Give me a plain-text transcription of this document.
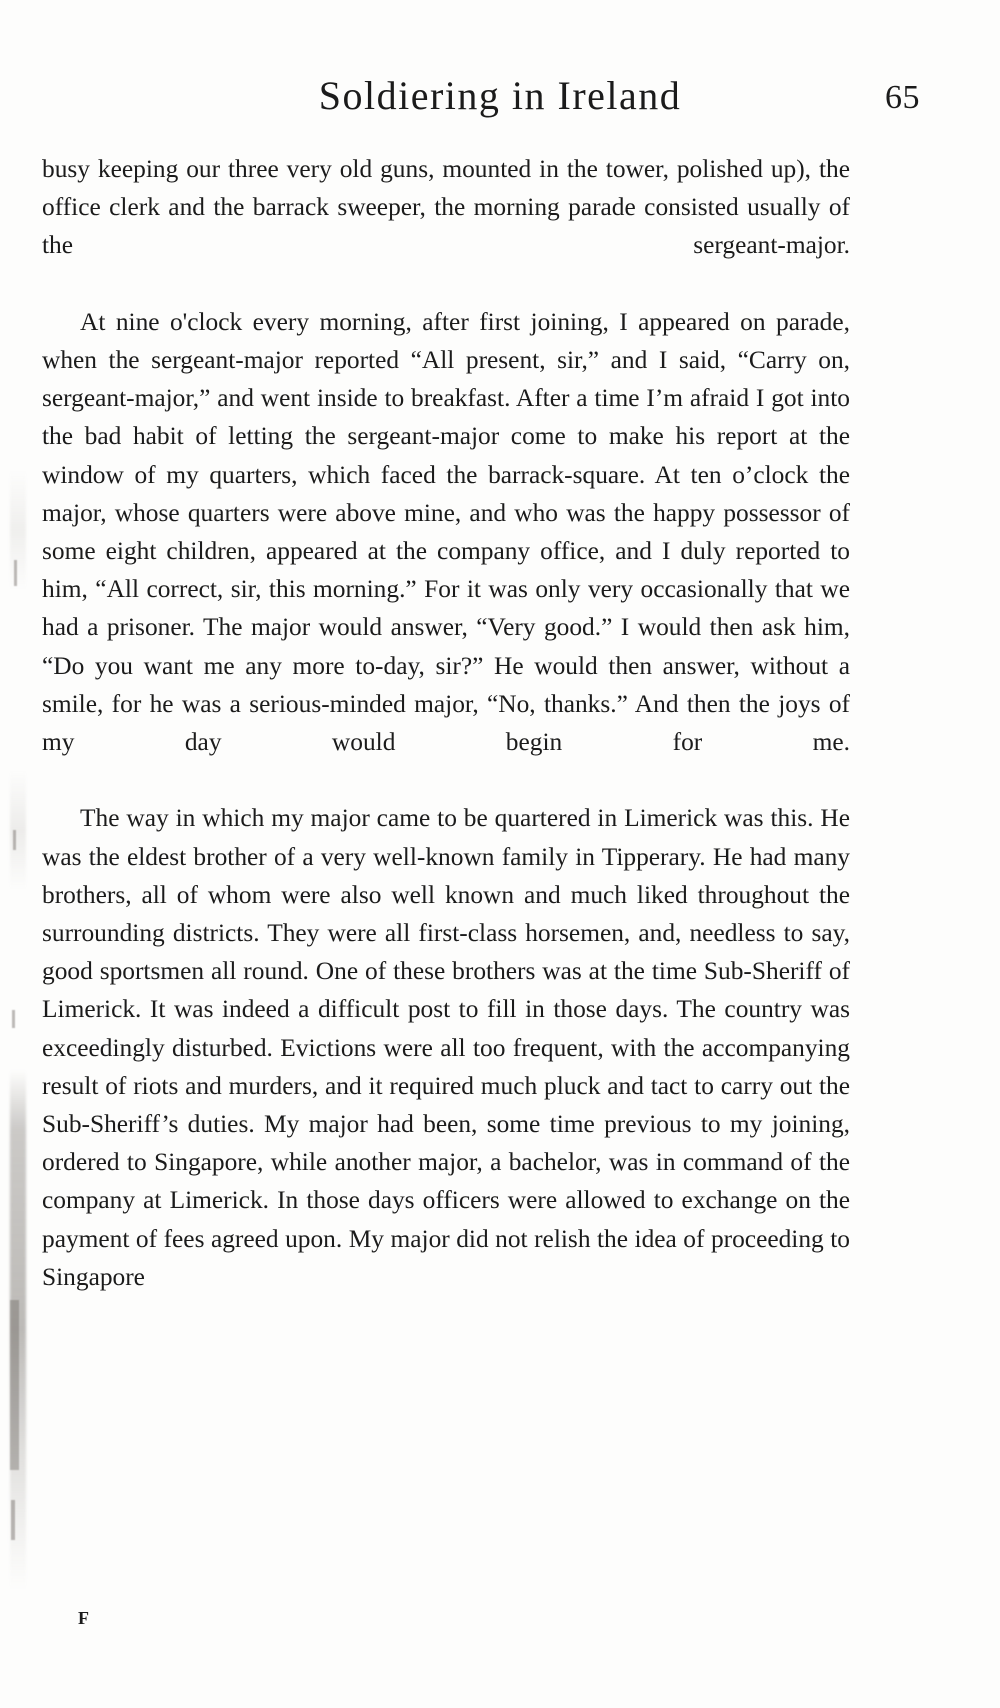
Soldiering in Ireland	65

busy keeping our three very old guns, mounted in the tower, polished up), the office clerk and the barrack sweeper, the morning parade consisted usually of the sergeant-major.

At nine o'clock every morning, after first joining, I appeared on parade, when the sergeant-major reported “All present, sir,” and I said, “Carry on, sergeant-major,” and went inside to breakfast. After a time I’m afraid I got into the bad habit of letting the sergeant-major come to make his report at the window of my quarters, which faced the barrack-square. At ten o’clock the major, whose quarters were above mine, and who was the happy possessor of some eight children, appeared at the company office, and I duly reported to him, “All correct, sir, this morning.” For it was only very occasionally that we had a prisoner. The major would answer, “Very good.” I would then ask him, “Do you want me any more to-day, sir?” He would then answer, without a smile, for he was a serious-minded major, “No, thanks.” And then the joys of my day would begin for me.

The way in which my major came to be quartered in Limerick was this. He was the eldest brother of a very well-known family in Tipperary. He had many brothers, all of whom were also well known and much liked throughout the surrounding districts. They were all first-class horsemen, and, needless to say, good sportsmen all round. One of these brothers was at the time Sub-Sheriff of Limerick. It was indeed a difficult post to fill in those days. The country was exceedingly disturbed. Evictions were all too frequent, with the accompanying result of riots and murders, and it required much pluck and tact to carry out the Sub-Sheriff’s duties. My major had been, some time previous to my joining, ordered to Singapore, while another major, a bachelor, was in command of the company at Limerick. In those days officers were allowed to exchange on the payment of fees agreed upon. My major did not relish the idea of proceeding to Singapore

F
